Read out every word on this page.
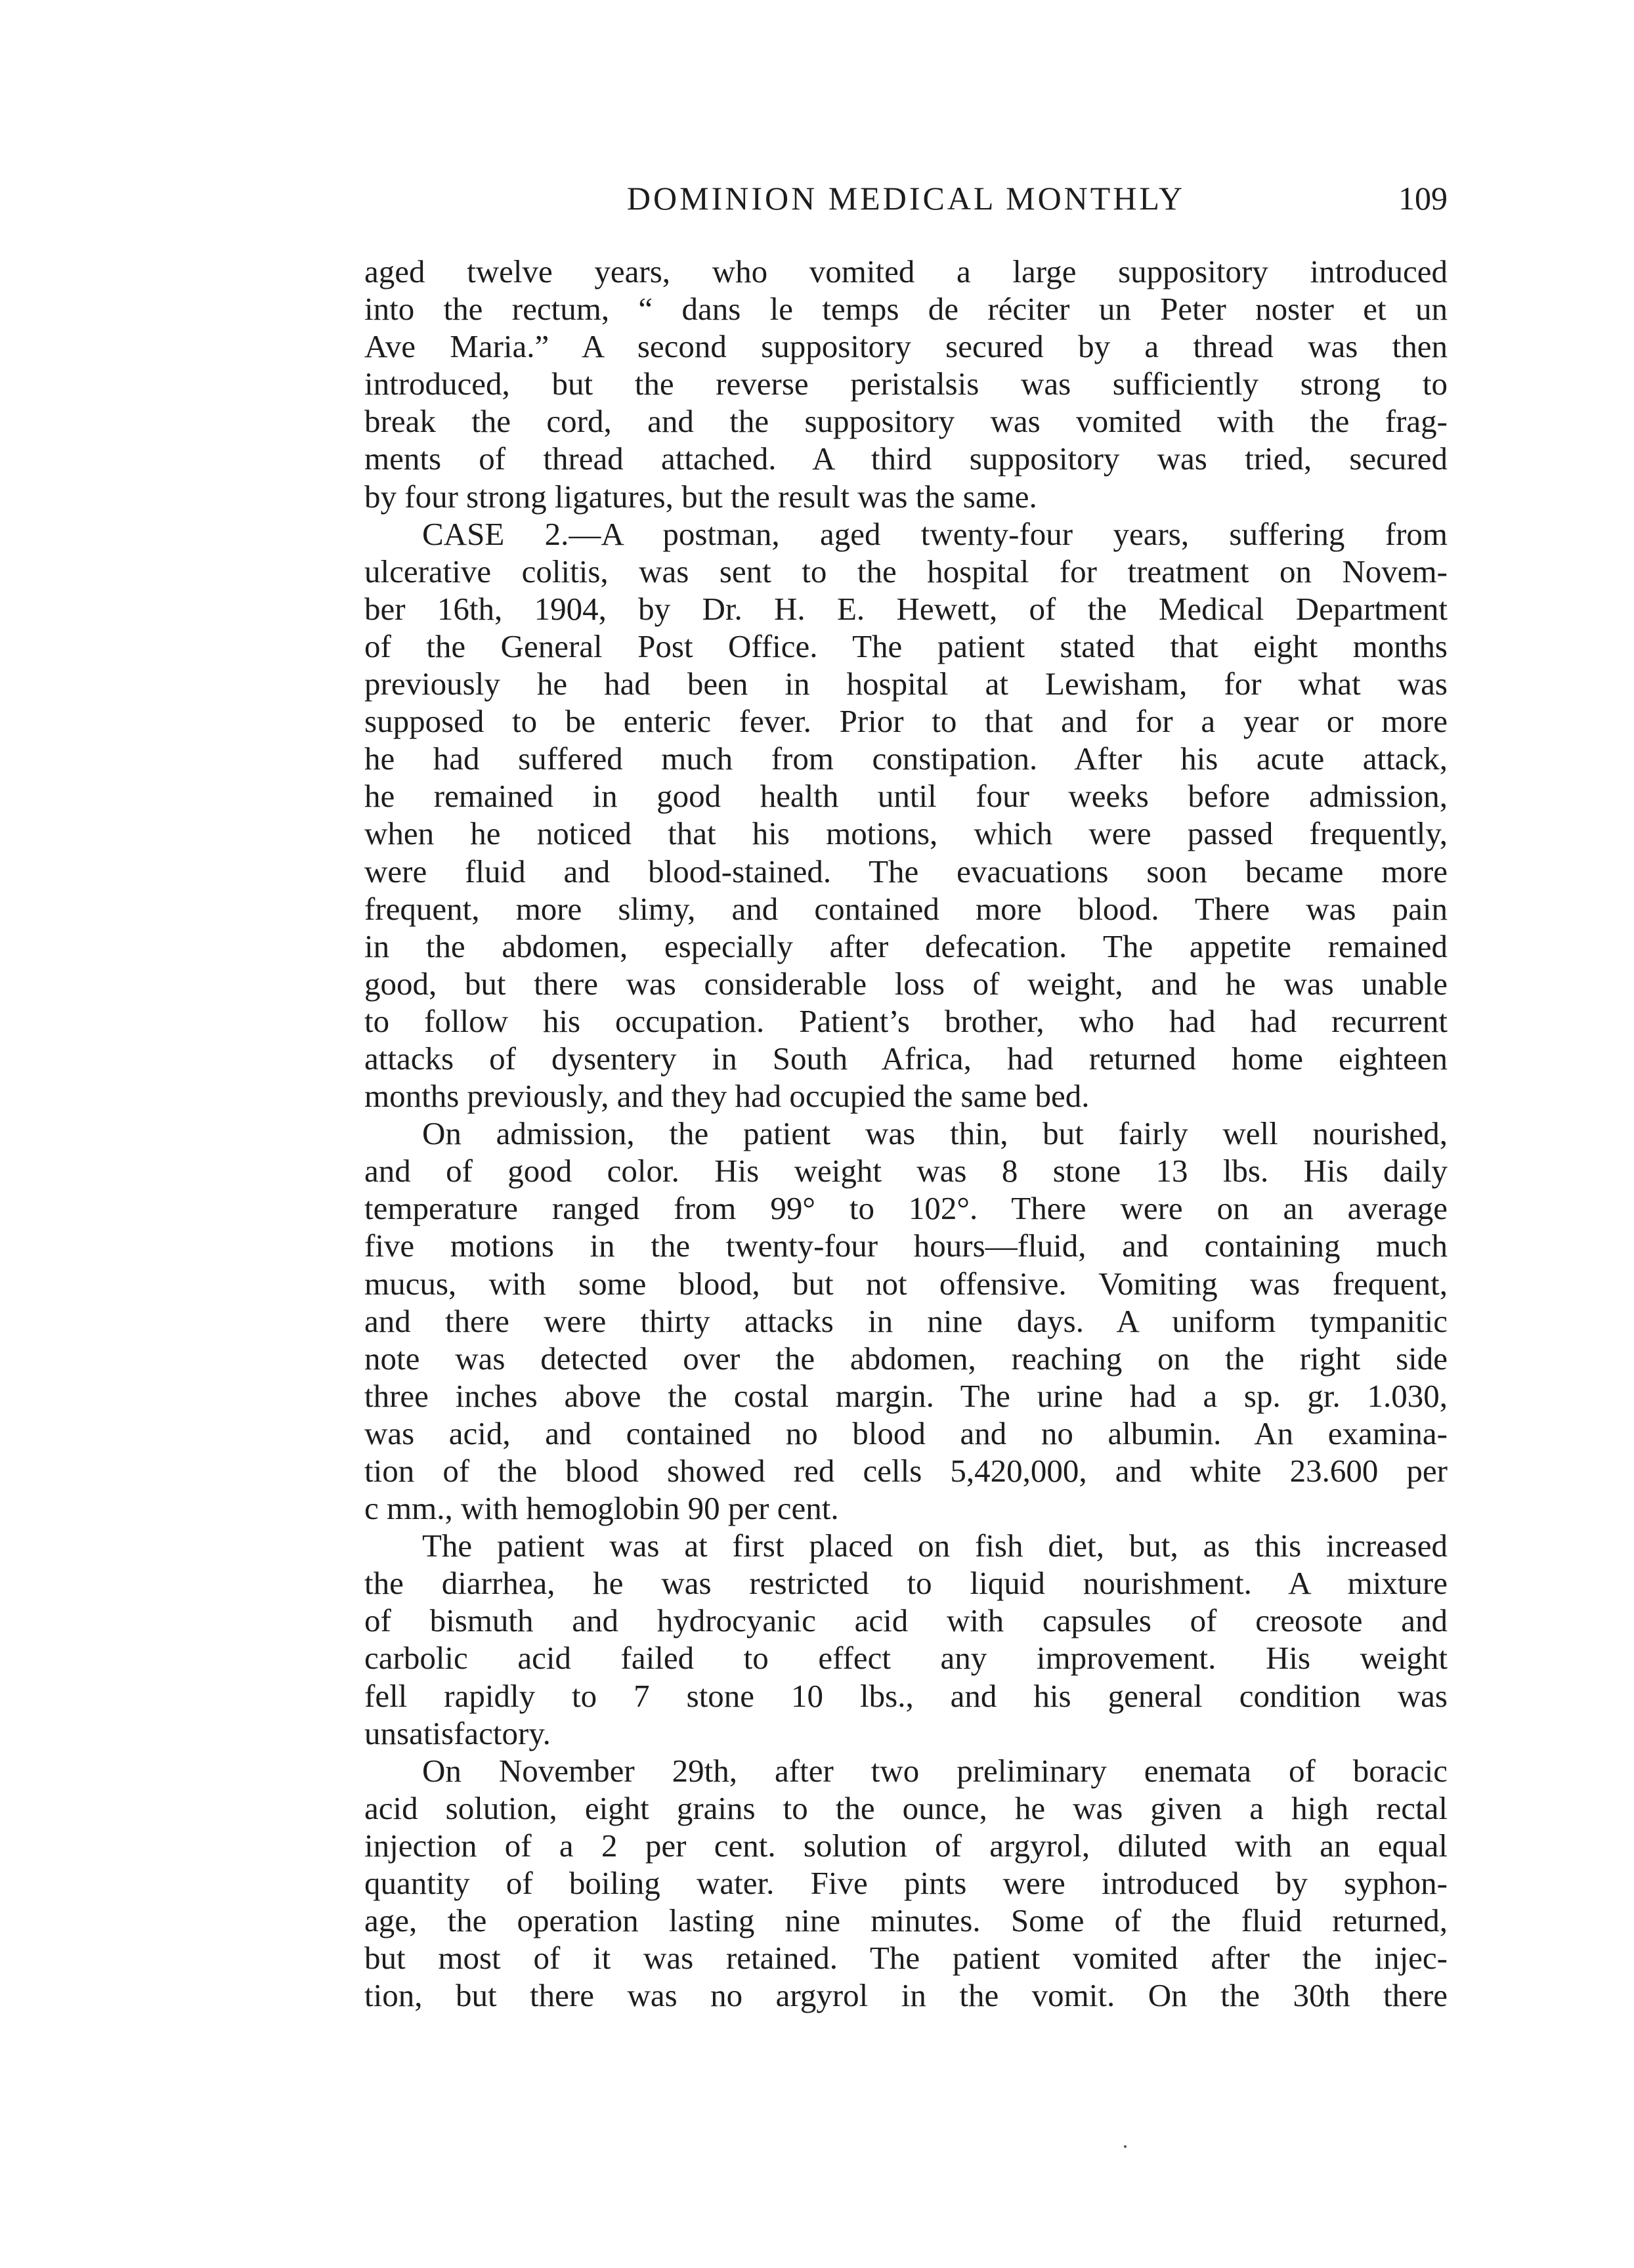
DOMINION MEDICAL MONTHLY	109
aged twelve years, who vomited a large suppository introduced
into the rectum, “ dans le temps de réciter un Peter noster et un
Ave Maria.” A second suppository secured by a thread was then
introduced, but the reverse peristalsis was sufficiently strong to
break the cord, and the suppository was vomited with the frag-
ments of thread attached. A third suppository was tried, secured
by four strong ligatures, but the result was the same.
CASE 2.—A postman, aged twenty-four years, suffering from
ulcerative colitis, was sent to the hospital for treatment on Novem-
ber 16th, 1904, by Dr. H. E. Hewett, of the Medical Department
of the General Post Office. The patient stated that eight months
previously he had been in hospital at Lewisham, for what was
supposed to be enteric fever. Prior to that and for a year or more
he had suffered much from constipation. After his acute attack,
he remained in good health until four weeks before admission,
when he noticed that his motions, which were passed frequently,
were fluid and blood-stained. The evacuations soon became more
frequent, more slimy, and contained more blood. There was pain
in the abdomen, especially after defecation. The appetite remained
good, but there was considerable loss of weight, and he was unable
to follow his occupation. Patient’s brother, who had had recurrent
attacks of dysentery in South Africa, had returned home eighteen
months previously, and they had occupied the same bed.
On admission, the patient was thin, but fairly well nourished,
and of good color. His weight was 8 stone 13 lbs. His daily
temperature ranged from 99° to 102°. There were on an average
five motions in the twenty-four hours—fluid, and containing much
mucus, with some blood, but not offensive. Vomiting was frequent,
and there were thirty attacks in nine days. A uniform tympanitic
note was detected over the abdomen, reaching on the right side
three inches above the costal margin. The urine had a sp. gr. 1.030,
was acid, and contained no blood and no albumin. An examina-
tion of the blood showed red cells 5,420,000, and white 23.600 per
c mm., with hemoglobin 90 per cent.
The patient was at first placed on fish diet, but, as this increased
the diarrhea, he was restricted to liquid nourishment. A mixture
of bismuth and hydrocyanic acid with capsules of creosote and
carbolic acid failed to effect any improvement. His weight
fell rapidly to 7 stone 10 lbs., and his general condition was
unsatisfactory.
On November 29th, after two preliminary enemata of boracic
acid solution, eight grains to the ounce, he was given a high rectal
injection of a 2 per cent. solution of argyrol, diluted with an equal
quantity of boiling water. Five pints were introduced by syphon-
age, the operation lasting nine minutes. Some of the fluid returned,
but most of it was retained. The patient vomited after the injec-
tion, but there was no argyrol in the vomit. On the 30th there
